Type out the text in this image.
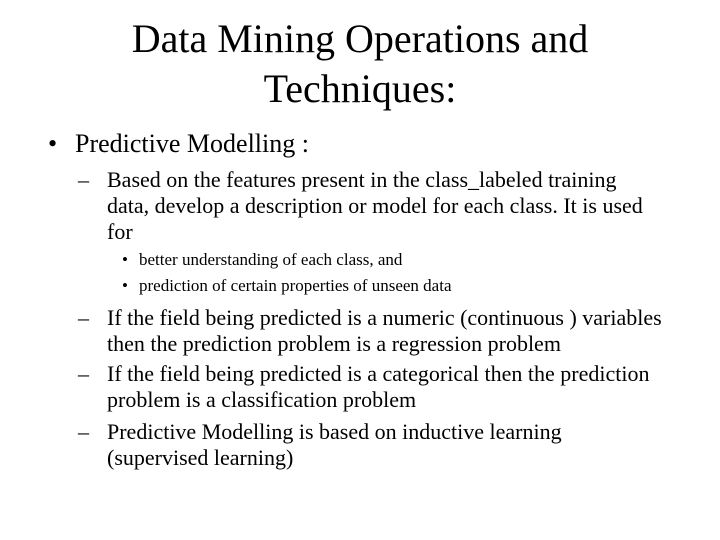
Data Mining Operations and
Techniques:
• Predictive Modelling :
– Based on the features present in the class_labeled training
data, develop a description or model for each class. It is used
for
• better understanding of each class, and
• prediction of certain properties of unseen data
– If the field being predicted is a numeric (continuous ) variables
then the prediction problem is a regression problem
– If the field being predicted is a categorical then the prediction
problem is a classification problem
– Predictive Modelling is based on inductive learning
(supervised learning)
